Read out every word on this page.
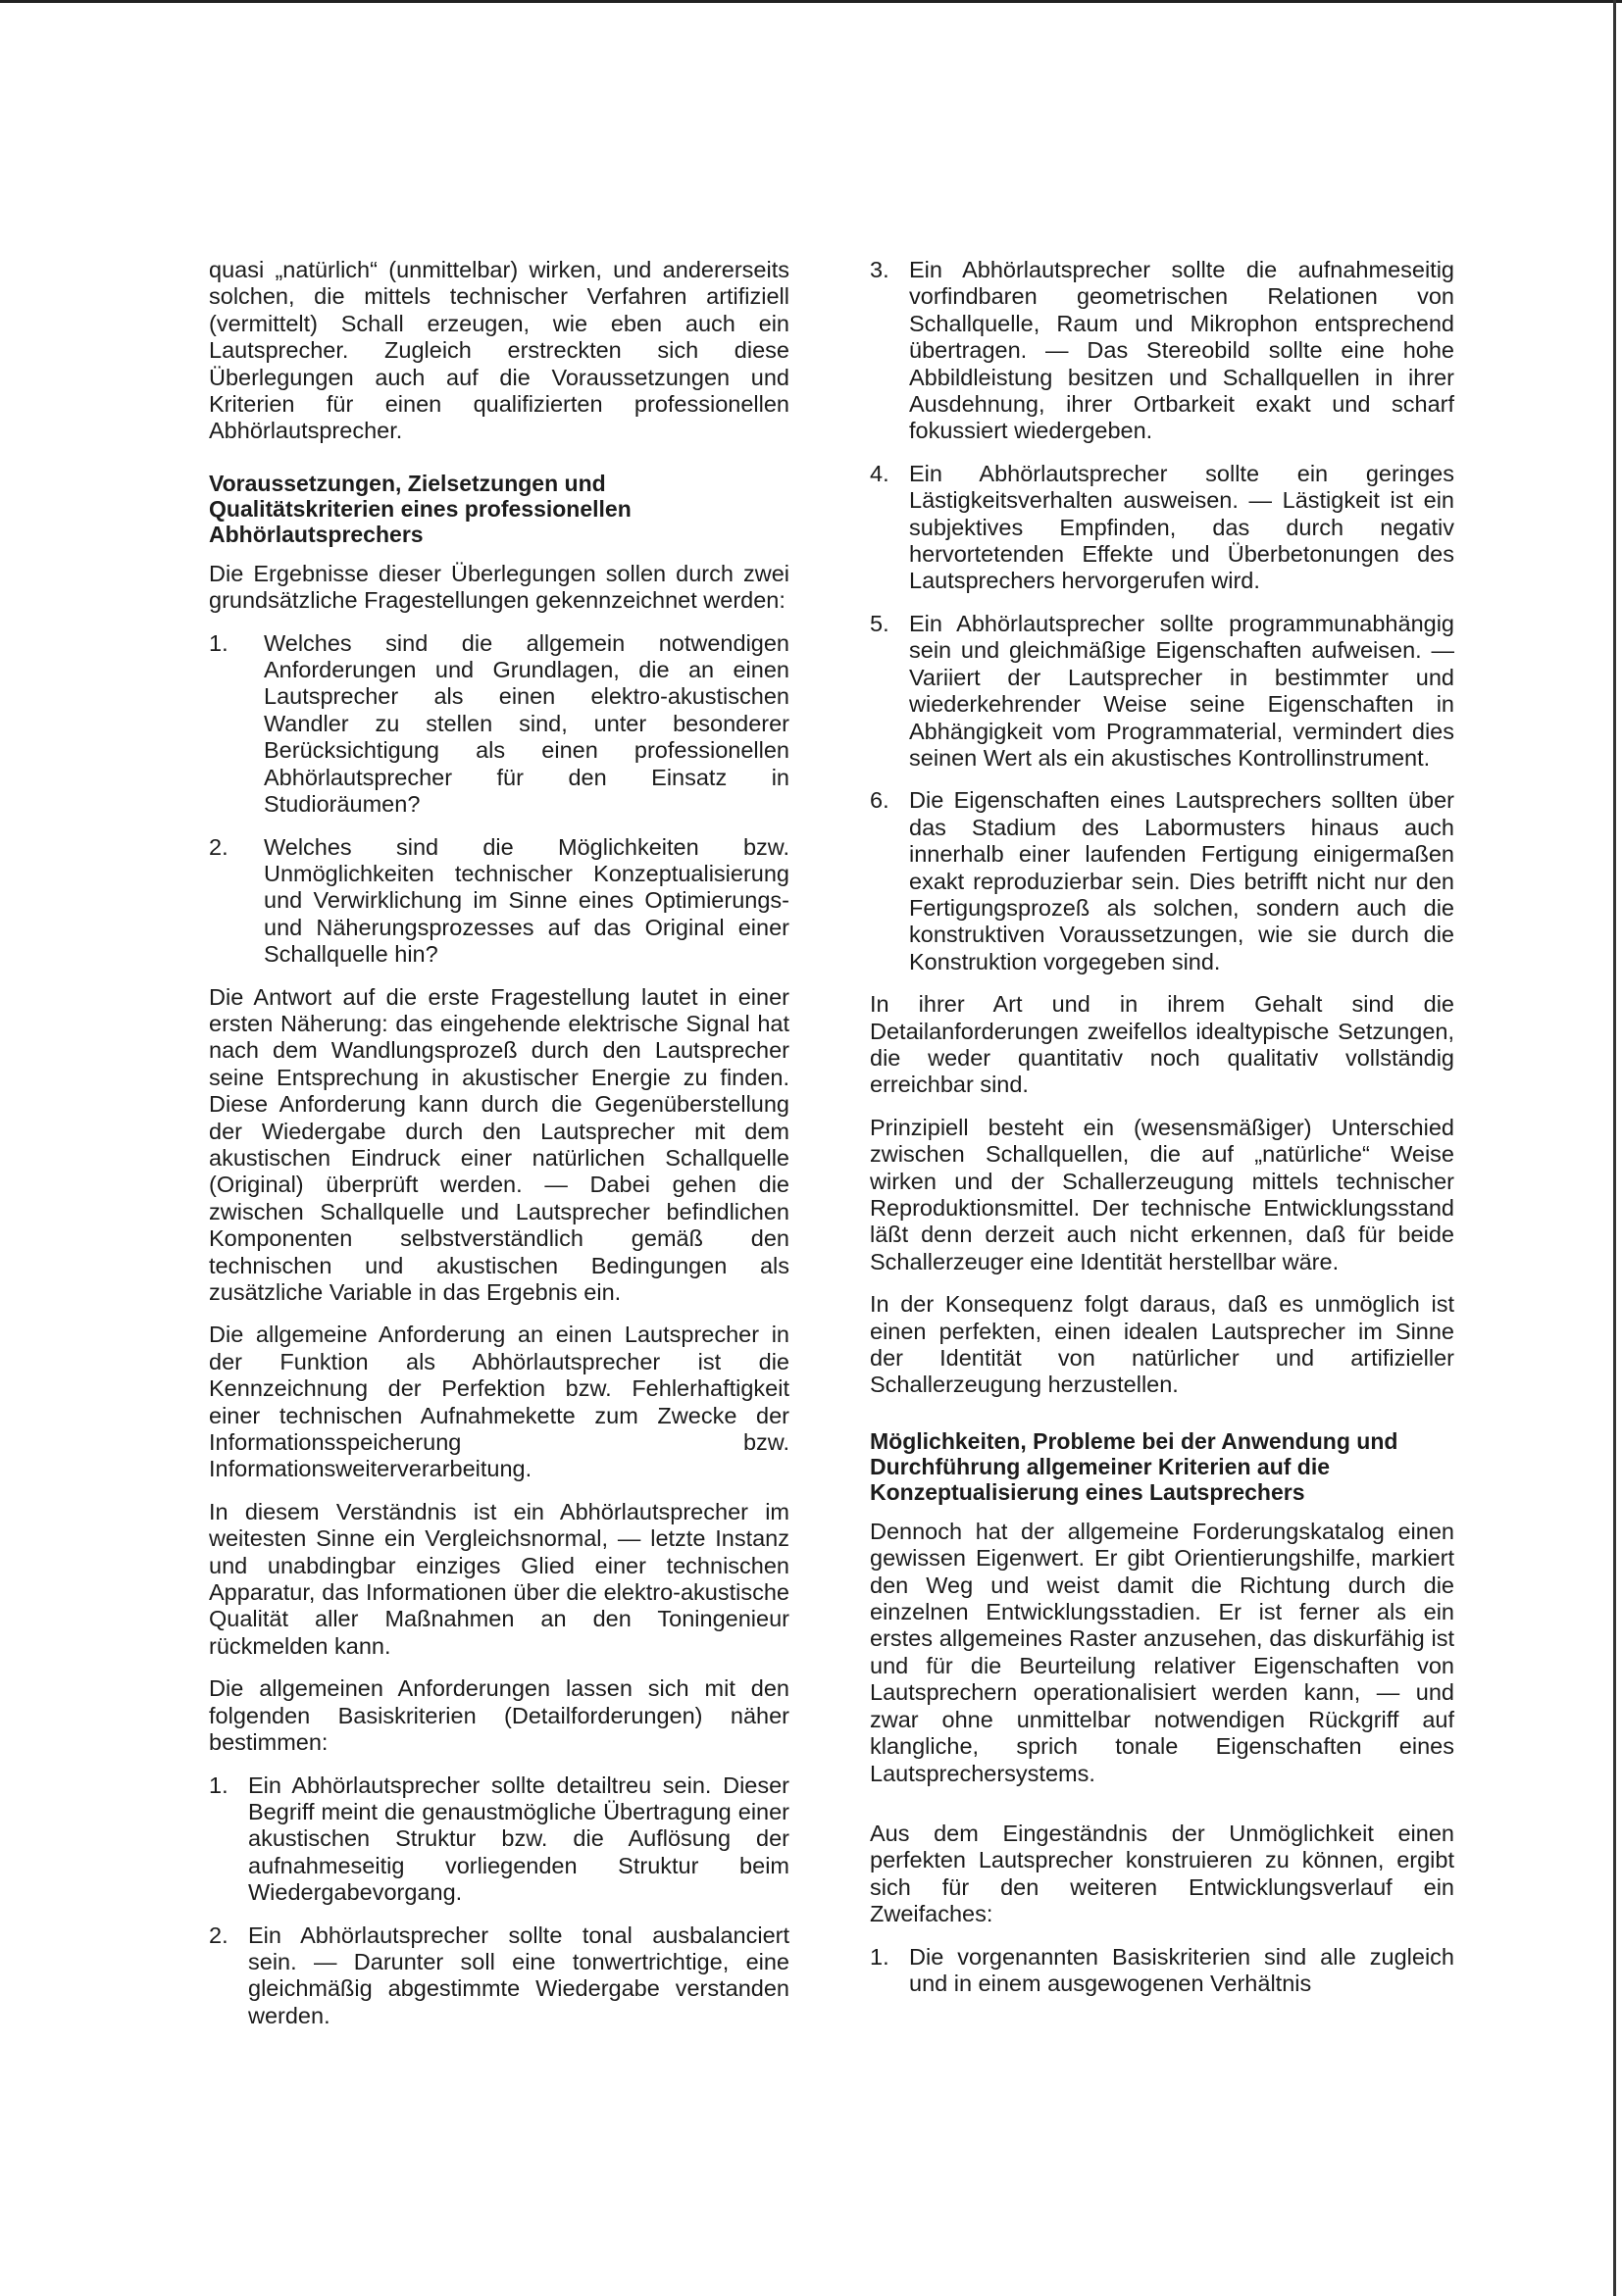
quasi „natürlich“ (unmittelbar) wirken, und andererseits solchen, die mittels technischer Verfahren artifiziell (vermittelt) Schall erzeugen, wie eben auch ein Lautsprecher. Zugleich erstreckten sich diese Überlegungen auch auf die Voraussetzungen und Kriterien für einen qualifizierten professionellen Abhörlautsprecher.

Voraussetzungen, Zielsetzungen und Qualitätskriterien eines professionellen Abhörlautsprechers

Die Ergebnisse dieser Überlegungen sollen durch zwei grundsätzliche Fragestellungen gekennzeichnet werden:

1. Welches sind die allgemein notwendigen Anforderungen und Grundlagen, die an einen Lautsprecher als einen elektro-akustischen Wandler zu stellen sind, unter besonderer Berücksichtigung als einen professionellen Abhörlautsprecher für den Einsatz in Studioräumen?
2. Welches sind die Möglichkeiten bzw. Unmöglichkeiten technischer Konzeptualisierung und Verwirklichung im Sinne eines Optimierungs- und Näherungsprozesses auf das Original einer Schallquelle hin?

Die Antwort auf die erste Fragestellung lautet in einer ersten Näherung: das eingehende elektrische Signal hat nach dem Wandlungsprozeß durch den Lautsprecher seine Entsprechung in akustischer Energie zu finden. Diese Anforderung kann durch die Gegenüberstellung der Wiedergabe durch den Lautsprecher mit dem akustischen Eindruck einer natürlichen Schallquelle (Original) überprüft werden. — Dabei gehen die zwischen Schallquelle und Lautsprecher befindlichen Komponenten selbstverständlich gemäß den technischen und akustischen Bedingungen als zusätzliche Variable in das Ergebnis ein.

Die allgemeine Anforderung an einen Lautsprecher in der Funktion als Abhörlautsprecher ist die Kennzeichnung der Perfektion bzw. Fehlerhaftigkeit einer technischen Aufnahmekette zum Zwecke der Informationsspeicherung bzw. Informationsweiterverarbeitung.

In diesem Verständnis ist ein Abhörlautsprecher im weitesten Sinne ein Vergleichsnormal, — letzte Instanz und unabdingbar einziges Glied einer technischen Apparatur, das Informationen über die elektro-akustische Qualität aller Maßnahmen an den Toningenieur rückmelden kann.

Die allgemeinen Anforderungen lassen sich mit den folgenden Basiskriterien (Detailforderungen) näher bestimmen:

1. Ein Abhörlautsprecher sollte detailtreu sein. Dieser Begriff meint die genaustmögliche Übertragung einer akustischen Struktur bzw. die Auflösung der aufnahmeseitig vorliegenden Struktur beim Wiedergabevorgang.
2. Ein Abhörlautsprecher sollte tonal ausbalanciert sein. — Darunter soll eine tonwertrichtige, eine gleichmäßig abgestimmte Wiedergabe verstanden werden.
3. Ein Abhörlautsprecher sollte die aufnahmeseitig vorfindbaren geometrischen Relationen von Schallquelle, Raum und Mikrophon entsprechend übertragen. — Das Stereobild sollte eine hohe Abbildleistung besitzen und Schallquellen in ihrer Ausdehnung, ihrer Ortbarkeit exakt und scharf fokussiert wiedergeben.
4. Ein Abhörlautsprecher sollte ein geringes Lästigkeitsverhalten ausweisen. — Lästigkeit ist ein subjektives Empfinden, das durch negativ hervortetenden Effekte und Überbetonungen des Lautsprechers hervorgerufen wird.
5. Ein Abhörlautsprecher sollte programmunabhängig sein und gleichmäßige Eigenschaften aufweisen. — Variiert der Lautsprecher in bestimmter und wiederkehrender Weise seine Eigenschaften in Abhängigkeit vom Programmaterial, vermindert dies seinen Wert als ein akustisches Kontrollinstrument.
6. Die Eigenschaften eines Lautsprechers sollten über das Stadium des Labormusters hinaus auch innerhalb einer laufenden Fertigung einigermaßen exakt reproduzierbar sein. Dies betrifft nicht nur den Fertigungsprozeß als solchen, sondern auch die konstruktiven Voraussetzungen, wie sie durch die Konstruktion vorgegeben sind.

In ihrer Art und in ihrem Gehalt sind die Detailanforderungen zweifellos idealtypische Setzungen, die weder quantitativ noch qualitativ vollständig erreichbar sind.

Prinzipiell besteht ein (wesensmäßiger) Unterschied zwischen Schallquellen, die auf „natürliche“ Weise wirken und der Schallerzeugung mittels technischer Reproduktionsmittel. Der technische Entwicklungsstand läßt denn derzeit auch nicht erkennen, daß für beide Schallerzeuger eine Identität herstellbar wäre.

In der Konsequenz folgt daraus, daß es unmöglich ist einen perfekten, einen idealen Lautsprecher im Sinne der Identität von natürlicher und artifizieller Schallerzeugung herzustellen.

Möglichkeiten, Probleme bei der Anwendung und Durchführung allgemeiner Kriterien auf die Konzeptualisierung eines Lautsprechers

Dennoch hat der allgemeine Forderungskatalog einen gewissen Eigenwert. Er gibt Orientierungshilfe, markiert den Weg und weist damit die Richtung durch die einzelnen Entwicklungsstadien. Er ist ferner als ein erstes allgemeines Raster anzusehen, das diskurfähig ist und für die Beurteilung relativer Eigenschaften von Lautsprechern operationalisiert werden kann, — und zwar ohne unmittelbar notwendigen Rückgriff auf klangliche, sprich tonale Eigenschaften eines Lautsprechersystems.

Aus dem Eingeständnis der Unmöglichkeit einen perfekten Lautsprecher konstruieren zu können, ergibt sich für den weiteren Entwicklungsverlauf ein Zweifaches:

1. Die vorgenannten Basiskriterien sind alle zugleich und in einem ausgewogenen Verhältnis
